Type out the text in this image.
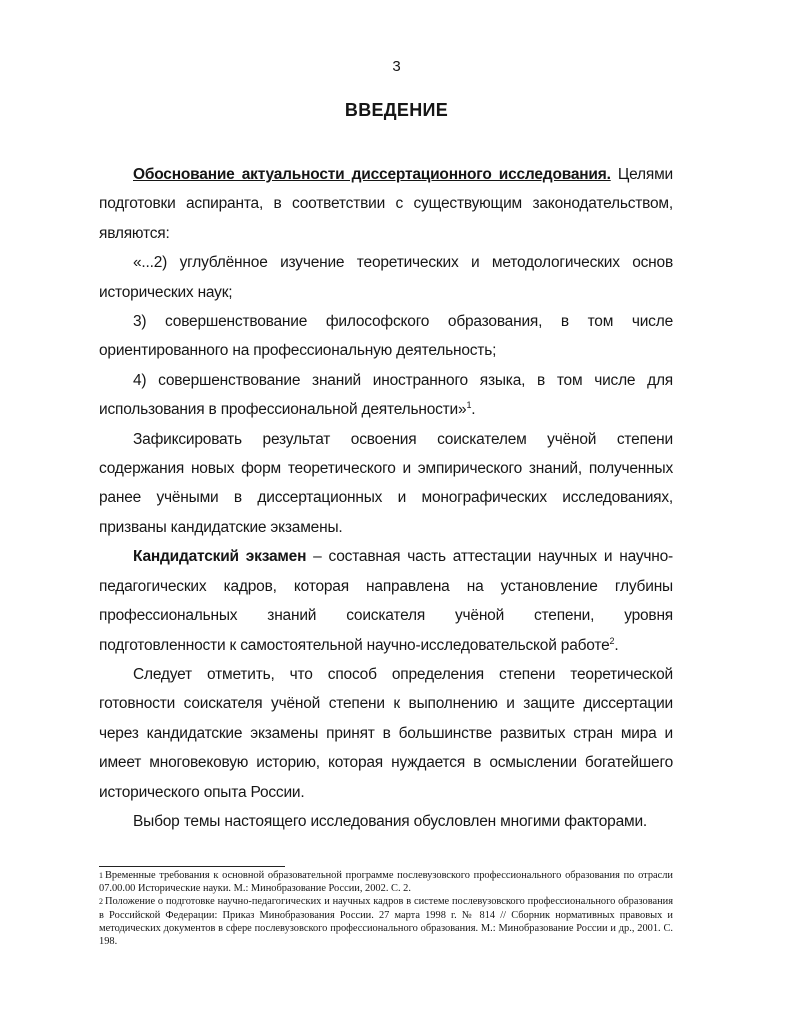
3
ВВЕДЕНИЕ

Обоснование актуальности диссертационного исследования. Целями подготовки аспиранта, в соответствии с существующим законодательством, являются:

«...2) углублённое изучение теоретических и методологических основ исторических наук;

3) совершенствование философского образования, в том числе ориентированного на профессиональную деятельность;

4) совершенствование знаний иностранного языка, в том числе для использования в профессиональной деятельности»$^1$.

Зафиксировать результат освоения соискателем учёной степени содержания новых форм теоретического и эмпирического знаний, полученных ранее учёными в диссертационных и монографических исследованиях, призваны кандидатские экзамены.

Кандидатский экзамен – составная часть аттестации научных и научно-педагогических кадров, которая направлена на установление глубины профессиональных знаний соискателя учёной степени, уровня подготовленности к самостоятельной научно-исследовательской работе$^2$.

Следует отметить, что способ определения степени теоретической готовности соискателя учёной степени к выполнению и защите диссертации через кандидатские экзамены принят в большинстве развитых стран мира и имеет многовековую историю, которая нуждается в осмыслении богатейшего исторического опыта России.

Выбор темы настоящего исследования обусловлен многими факторами.

$^1$ Временные требования к основной образовательной программе послевузовского профессионального образования по отрасли 07.00.00 Исторические науки. М.: Минобразование России, 2002. С. 2.

$^2$ Положение о подготовке научно-педагогических и научных кадров в системе послевузовского профессионального образования в Российской Федерации: Приказ Минобразования России. 27 марта 1998 г. № 814 // Сборник нормативных правовых и методических документов в сфере послевузовского профессионального образования. М.: Минобразование России и др., 2001. С. 198.
